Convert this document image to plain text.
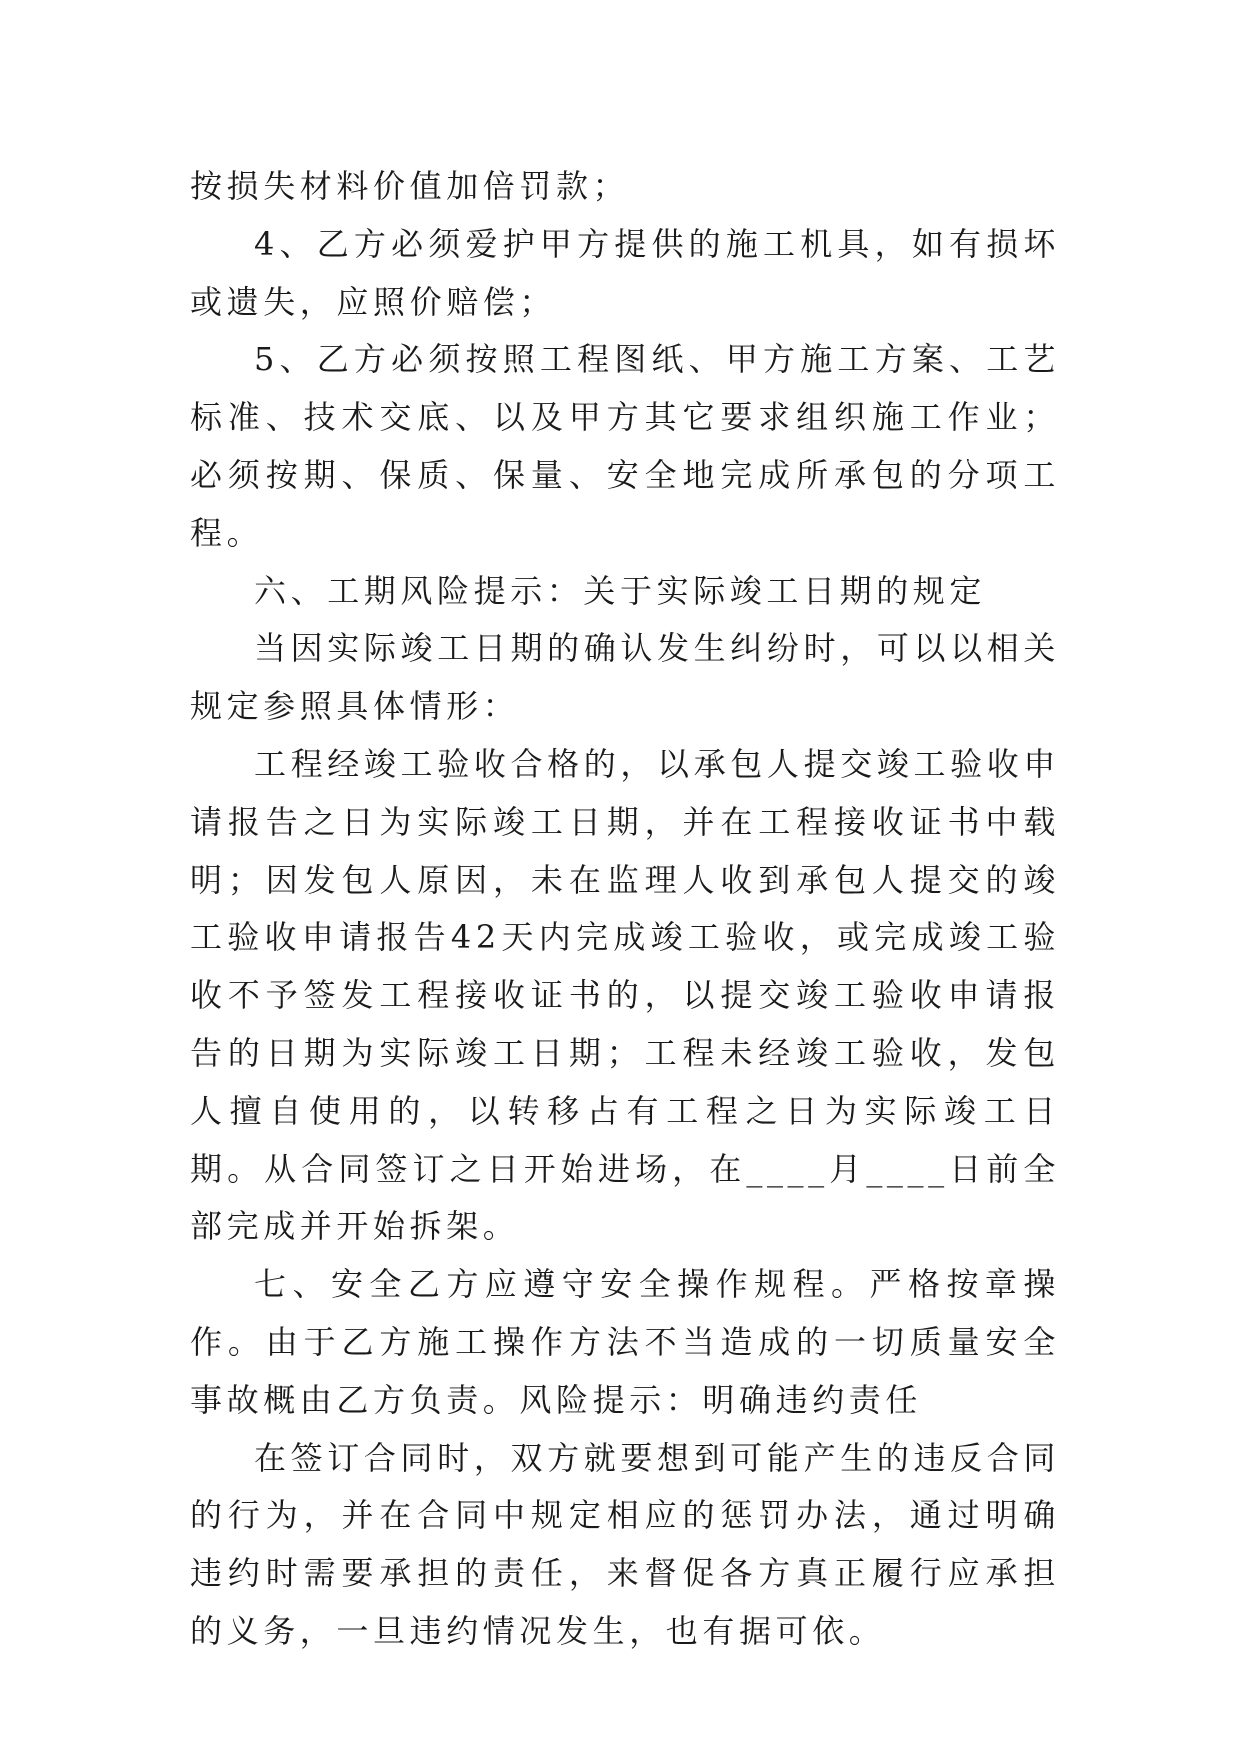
按损失材料价值加倍罚款；

4、乙方必须爱护甲方提供的施工机具，如有损坏或遗失，应照价赔偿；

5、乙方必须按照工程图纸、甲方施工方案、工艺标准、技术交底、以及甲方其它要求组织施工作业；必须按期、保质、保量、安全地完成所承包的分项工程。

六、工期风险提示：关于实际竣工日期的规定

当因实际竣工日期的确认发生纠纷时，可以以相关规定参照具体情形：

工程经竣工验收合格的，以承包人提交竣工验收申请报告之日为实际竣工日期，并在工程接收证书中载明；因发包人原因，未在监理人收到承包人提交的竣工验收申请报告42天内完成竣工验收，或完成竣工验收不予签发工程接收证书的，以提交竣工验收申请报告的日期为实际竣工日期；工程未经竣工验收，发包人擅自使用的，以转移占有工程之日为实际竣工日期。从合同签订之日开始进场，在____月____日前全部完成并开始拆架。

七、安全乙方应遵守安全操作规程。严格按章操作。由于乙方施工操作方法不当造成的一切质量安全事故概由乙方负责。风险提示：明确违约责任

在签订合同时，双方就要想到可能产生的违反合同的行为，并在合同中规定相应的惩罚办法，通过明确违约时需要承担的责任，来督促各方真正履行应承担的义务，一旦违约情况发生，也有据可依。
